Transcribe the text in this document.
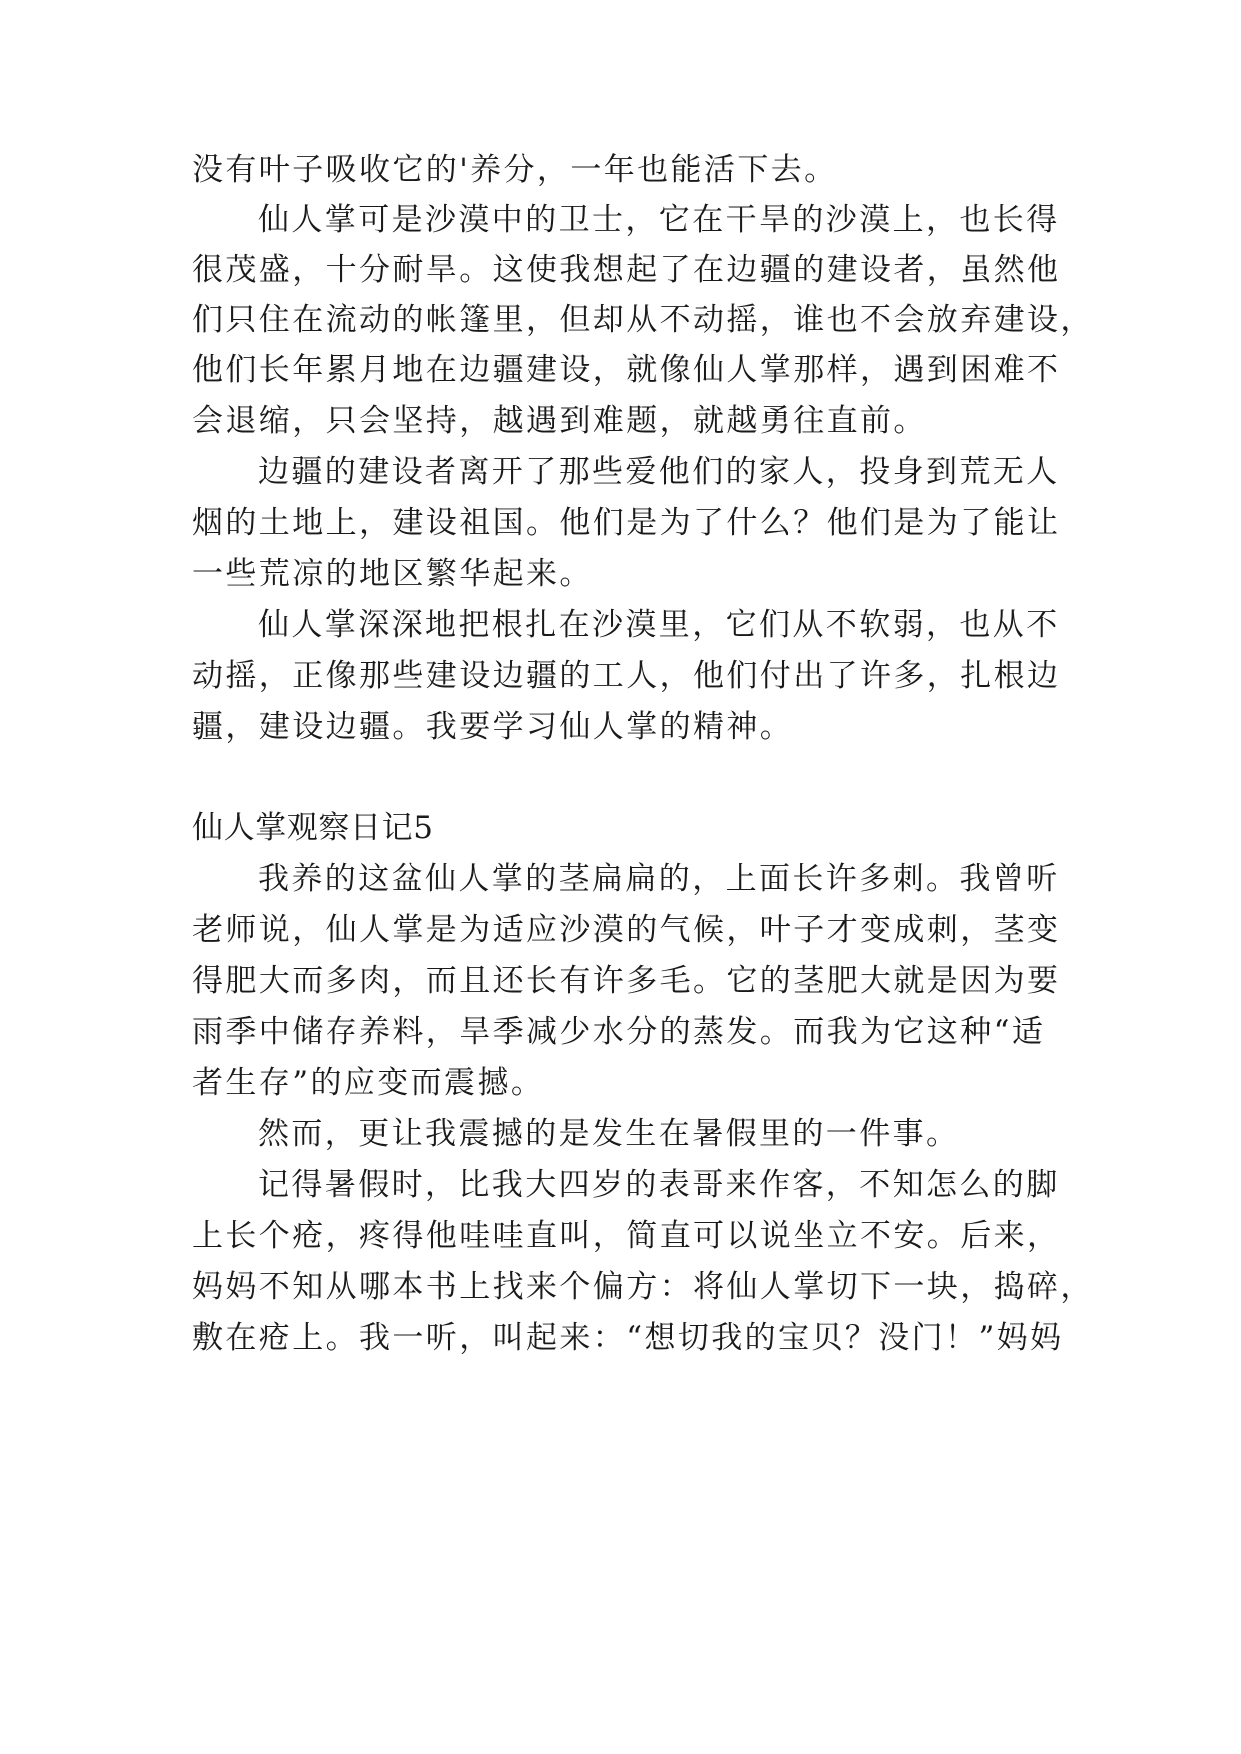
没有叶子吸收它的'养分，一年也能活下去。

仙人掌可是沙漠中的卫士，它在干旱的沙漠上，也长得

很茂盛，十分耐旱。这使我想起了在边疆的建设者，虽然他

们只住在流动的帐篷里，但却从不动摇，谁也不会放弃建设，

他们长年累月地在边疆建设，就像仙人掌那样，遇到困难不

会退缩，只会坚持，越遇到难题，就越勇往直前。

边疆的建设者离开了那些爱他们的家人，投身到荒无人

烟的土地上，建设祖国。他们是为了什么？他们是为了能让

一些荒凉的地区繁华起来。

仙人掌深深地把根扎在沙漠里，它们从不软弱，也从不

动摇，正像那些建设边疆的工人，他们付出了许多，扎根边

疆，建设边疆。我要学习仙人掌的精神。

仙人掌观察日记5

我养的这盆仙人掌的茎扁扁的，上面长许多刺。我曾听

老师说，仙人掌是为适应沙漠的气候，叶子才变成刺，茎变

得肥大而多肉，而且还长有许多毛。它的茎肥大就是因为要

雨季中储存养料，旱季减少水分的蒸发。而我为它这种“适

者生存”的应变而震撼。

然而，更让我震撼的是发生在暑假里的一件事。

记得暑假时，比我大四岁的表哥来作客，不知怎么的脚

上长个疮，疼得他哇哇直叫，简直可以说坐立不安。后来，

妈妈不知从哪本书上找来个偏方：将仙人掌切下一块，捣碎，

敷在疮上。我一听，叫起来：“想切我的宝贝？没门！”妈妈
